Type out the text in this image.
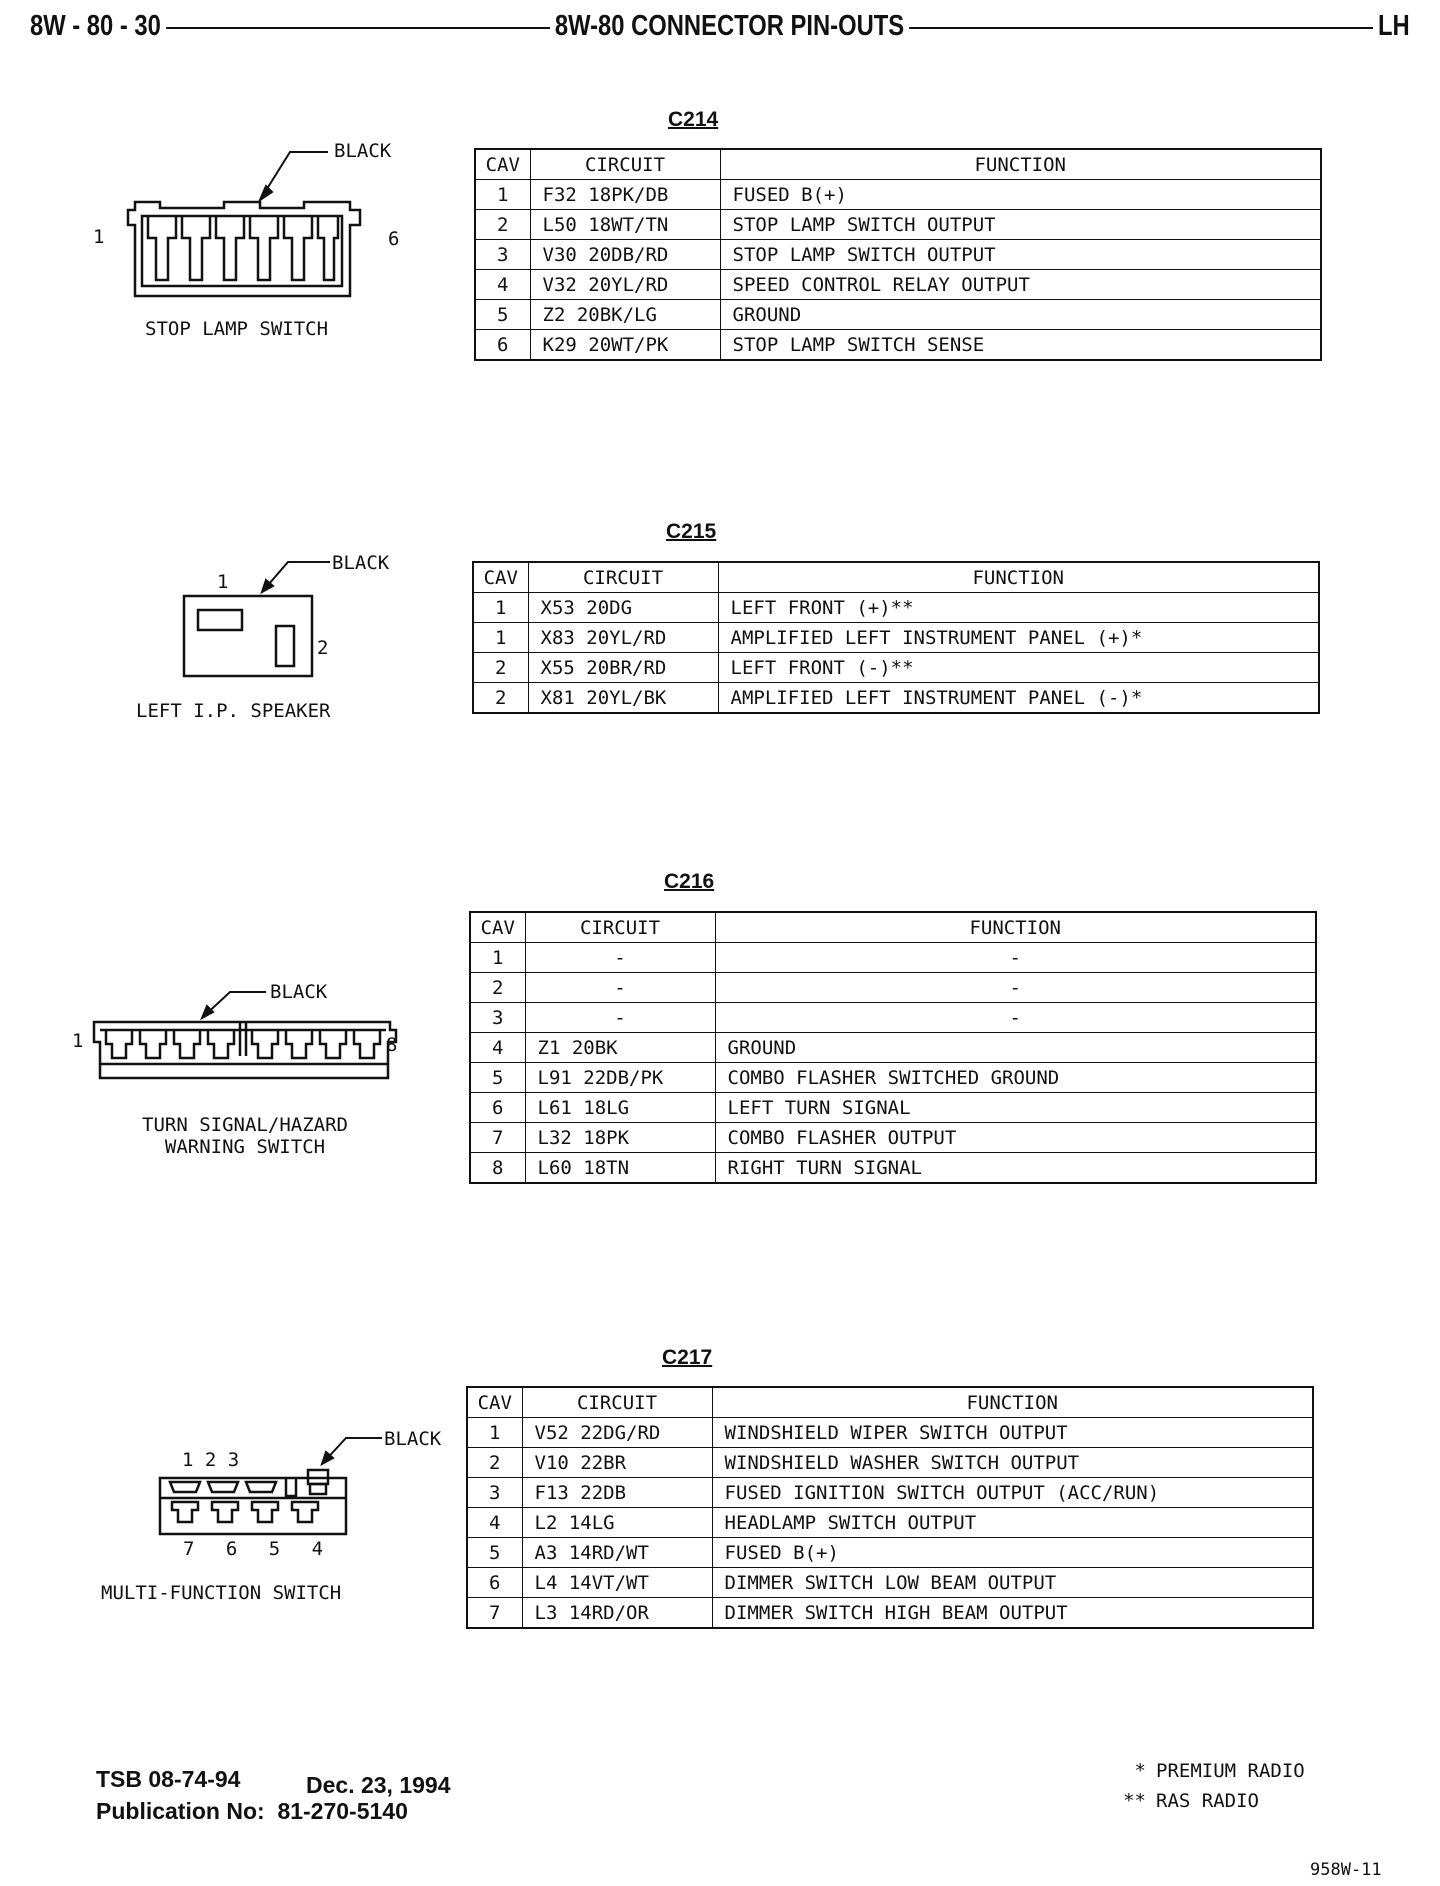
8W - 80 - 30	8W-80 CONNECTOR PIN-OUTS	LH
C214
CAV	CIRCUIT	FUNCTION
1	F32 18PK/DB	FUSED B(+)
2	L50 18WT/TN	STOP LAMP SWITCH OUTPUT
3	V30 20DB/RD	STOP LAMP SWITCH OUTPUT
4	V32 20YL/RD	SPEED CONTROL RELAY OUTPUT
5	Z2 20BK/LG	GROUND
6	K29 20WT/PK	STOP LAMP SWITCH SENSE
BLACK
1	6
STOP LAMP SWITCH
C215
CAV	CIRCUIT	FUNCTION
1	X53 20DG	LEFT FRONT (+)**
1	X83 20YL/RD	AMPLIFIED LEFT INSTRUMENT PANEL (+)*
2	X55 20BR/RD	LEFT FRONT (-)**
2	X81 20YL/BK	AMPLIFIED LEFT INSTRUMENT PANEL (-)*
BLACK
1
2
LEFT I.P. SPEAKER
C216
CAV	CIRCUIT	FUNCTION
1	-	-
2	-	-
3	-	-
4	Z1 20BK	GROUND
5	L91 22DB/PK	COMBO FLASHER SWITCHED GROUND
6	L61 18LG	LEFT TURN SIGNAL
7	L32 18PK	COMBO FLASHER OUTPUT
8	L60 18TN	RIGHT TURN SIGNAL
BLACK
1	8
TURN SIGNAL/HAZARD
WARNING SWITCH
C217
CAV	CIRCUIT	FUNCTION
1	V52 22DG/RD	WINDSHIELD WIPER SWITCH OUTPUT
2	V10 22BR	WINDSHIELD WASHER SWITCH OUTPUT
3	F13 22DB	FUSED IGNITION SWITCH OUTPUT (ACC/RUN)
4	L2 14LG	HEADLAMP SWITCH OUTPUT
5	A3 14RD/WT	FUSED B(+)
6	L4 14VT/WT	DIMMER SWITCH LOW BEAM OUTPUT
7	L3 14RD/OR	DIMMER SWITCH HIGH BEAM OUTPUT
BLACK
1 2 3
7 6 5 4
MULTI-FUNCTION SWITCH
TSB 08-74-94	Dec. 23, 1994
Publication No:  81-270-5140
* PREMIUM RADIO
** RAS RADIO
958W-11
